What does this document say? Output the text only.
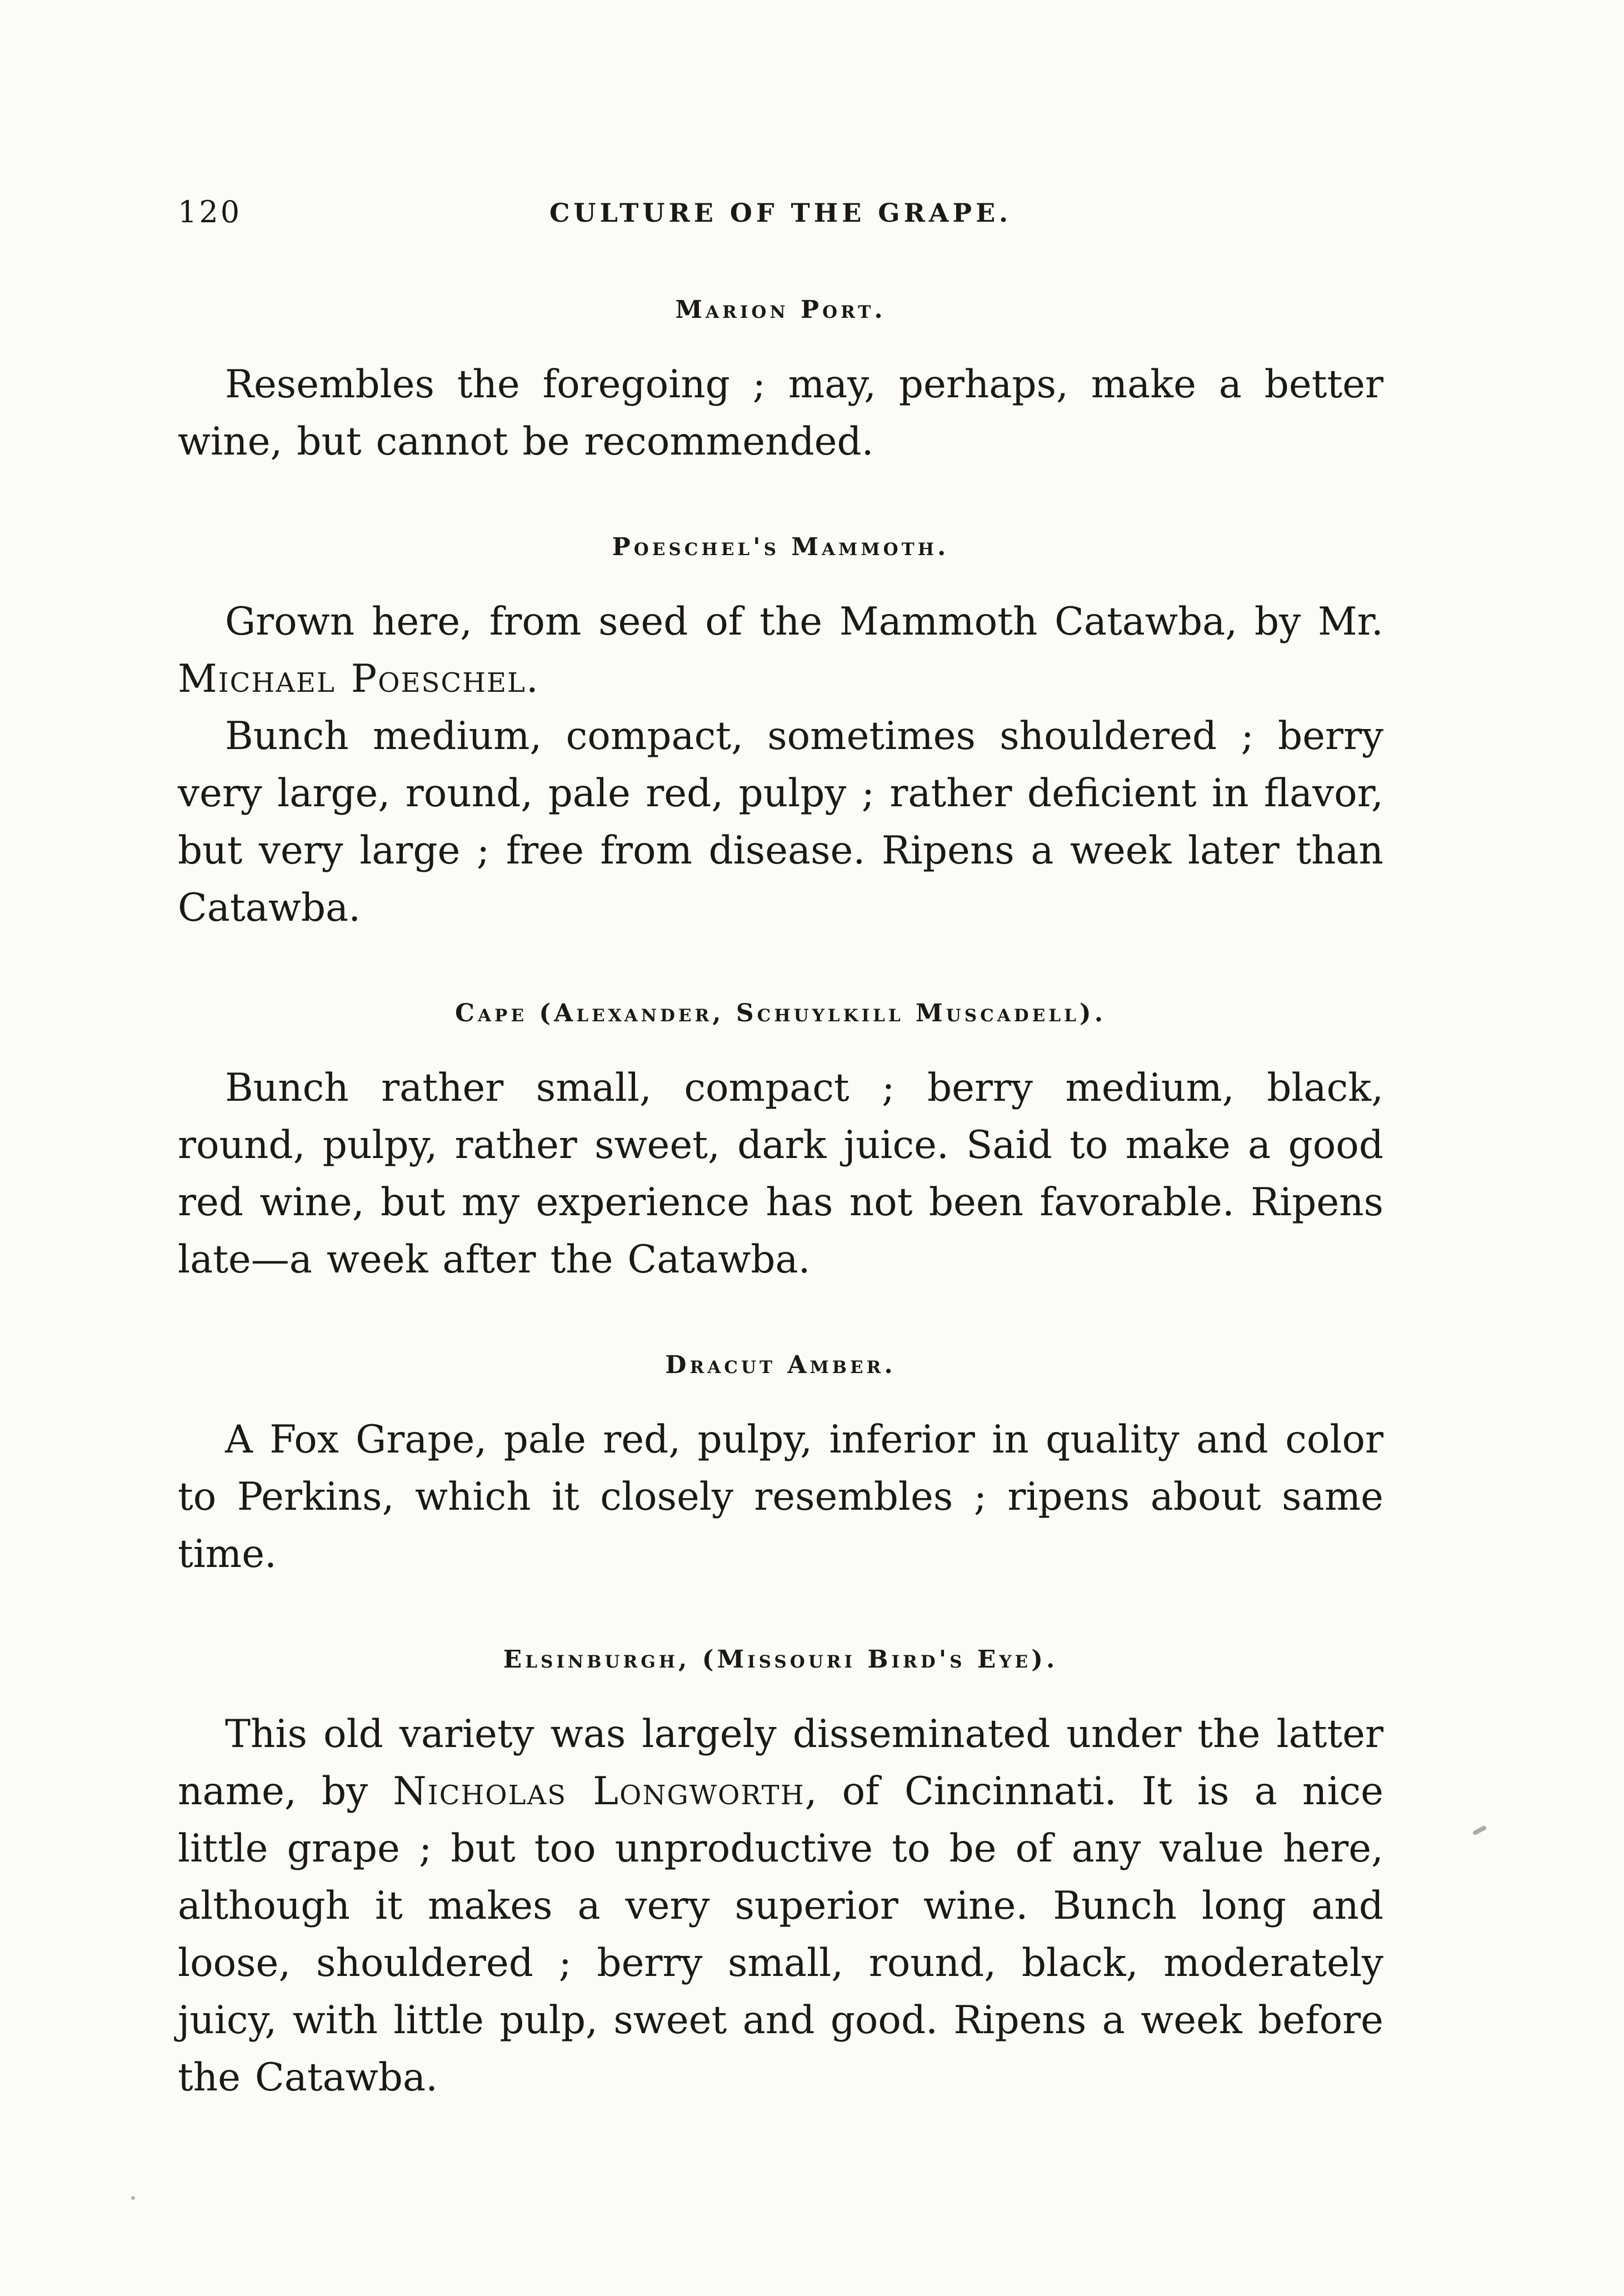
120	CULTURE OF THE GRAPE.
Marion Port.

Resembles the foregoing ; may, perhaps, make a better wine, but cannot be recommended.

Poeschel's Mammoth.

Grown here, from seed of the Mammoth Catawba, by Mr. Michael Poeschel.

Bunch medium, compact, sometimes shouldered ; berry very large, round, pale red, pulpy ; rather deficient in flavor, but very large ; free from disease. Ripens a week later than Catawba.

Cape (Alexander, Schuylkill Muscadell).

Bunch rather small, compact ; berry medium, black, round, pulpy, rather sweet, dark juice. Said to make a good red wine, but my experience has not been favorable. Ripens late—a week after the Catawba.

Dracut Amber.

A Fox Grape, pale red, pulpy, inferior in quality and color to Perkins, which it closely resembles ; ripens about same time.

Elsinburgh, (Missouri Bird's Eye).

This old variety was largely disseminated under the latter name, by Nicholas Longworth, of Cincinnati. It is a nice little grape ; but too unproductive to be of any value here, although it makes a very superior wine. Bunch long and loose, shouldered ; berry small, round, black, moderately juicy, with little pulp, sweet and good. Ripens a week before the Catawba.
